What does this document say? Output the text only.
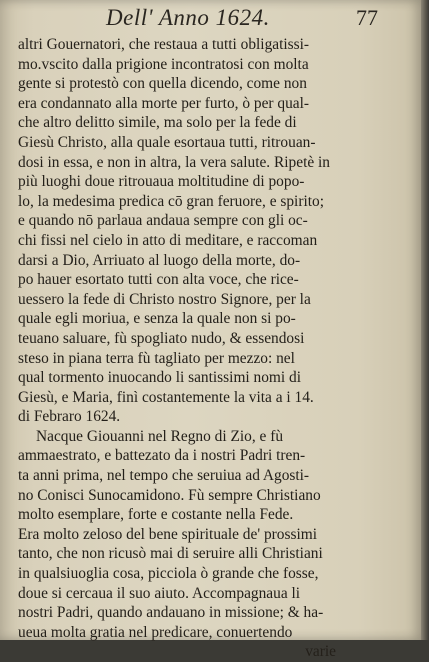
Dell' Anno 1624.	77
altri Gouernatori, che restaua a tutti obligatissi-
mo.vscito dalla prigione incontratosi con molta
gente si protestò con quella dicendo, come non
era condannato alla morte per furto, ò per qual-
che altro delitto simile, ma solo per la fede di
Giesù Christo, alla quale esortaua tutti, ritrouan-
dosi in essa, e non in altra, la vera salute. Ripetè in
più luoghi doue ritrouaua moltitudine di popo-
lo, la medesima predica cō gran feruore, e spirito;
e quando nō parlaua andaua sempre con gli oc-
chi fissi nel cielo in atto di meditare, e raccoman
darsi a Dio, Arriuato al luogo della morte, do-
po hauer esortato tutti con alta voce, che rice-
uessero la fede di Christo nostro Signore, per la
quale egli moriua, e senza la quale non si po-
teuano saluare, fù spogliato nudo, & essendosi
steso in piana terra fù tagliato per mezzo: nel
qual tormento inuocando li santissimi nomi di
Giesù, e Maria, finì costantemente la vita a i 14.
di Febraro 1624.
Nacque Giouanni nel Regno di Zio, e fù
ammaestrato, e battezato da i nostri Padri tren-
ta anni prima, nel tempo che seruiua ad Agosti-
no Conisci Sunocamidono. Fù sempre Christiano
molto esemplare, forte e costante nella Fede.
Era molto zeloso del bene spirituale de' prossimi
tanto, che non ricusò mai di seruire alli Christiani
in qualsiuoglia cosa, picciola ò grande che fosse,
doue si cercaua il suo aiuto. Accompagnaua li
nostri Padri, quando andauano in missione; & ha-
ueua molta gratia nel predicare, conuertendo
varie
